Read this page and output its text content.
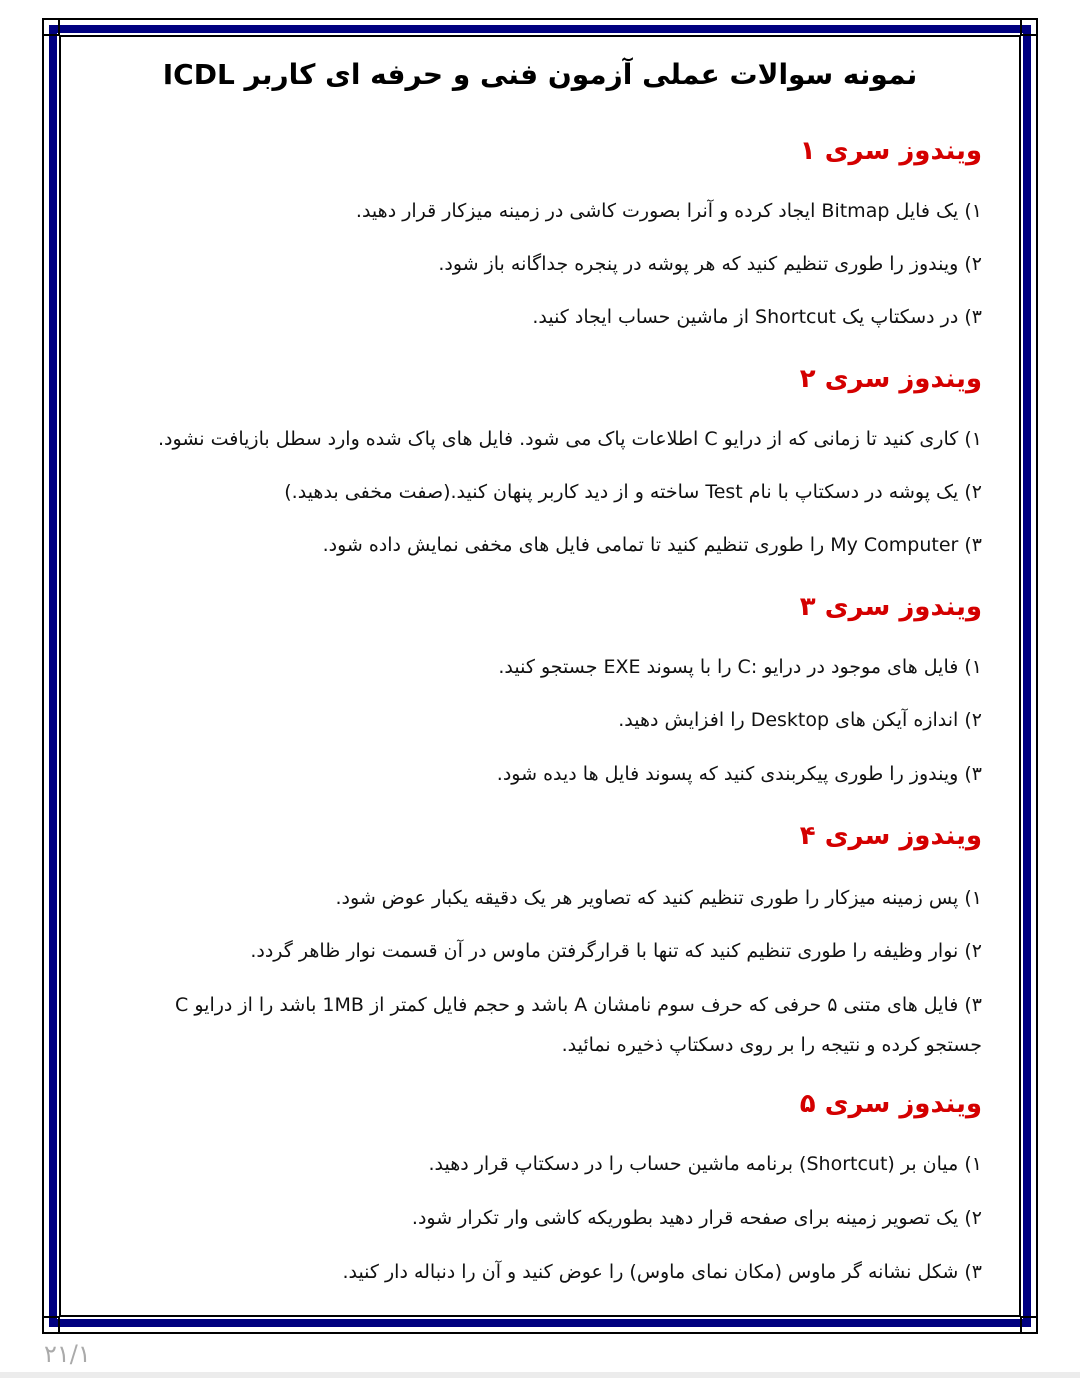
نمونه سوالات عملی آزمون فنی و حرفه ای کاربر ICDL
ویندوز سری ۱
۱) یک فایل Bitmap ایجاد کرده و آنرا بصورت کاشی در زمینه میزکار قرار دهید.
۲) ویندوز را طوری تنظیم کنید که هر پوشه در پنجره جداگانه باز شود.
۳) در دسکتاپ یک Shortcut از ماشین حساب ایجاد کنید.
ویندوز سری ۲
۱) کاری کنید تا زمانی که از درایو C اطلاعات پاک می شود. فایل های پاک شده وارد سطل بازیافت نشود.
۲) یک پوشه در دسکتاپ با نام Test ساخته و از دید کاربر پنهان کنید.(صفت مخفی بدهید.)
۳) My Computer را طوری تنظیم کنید تا تمامی فایل های مخفی نمایش داده شود.
ویندوز سری ۳
۱) فایل های موجود در درایو :C را با پسوند EXE جستجو کنید.
۲) اندازه آیکن های Desktop را افزایش دهید.
۳) ویندوز را طوری پیکربندی کنید که پسوند فایل ها دیده شود.
ویندوز سری ۴
۱) پس زمینه میزکار را طوری تنظیم کنید که تصاویر هر یک دقیقه یکبار عوض شود.
۲) نوار وظیفه را طوری تنظیم کنید که تنها با قرارگرفتن ماوس در آن قسمت نوار ظاهر گردد.
۳) فایل های متنی ۵ حرفی که حرف سوم نامشان A باشد و حجم فایل کمتر از 1MB باشد را از درایو C جستجو کرده و نتیجه را بر روی دسکتاپ ذخیره نمائید.
ویندوز سری ۵
۱) میان بر (Shortcut) برنامه ماشین حساب را در دسکتاپ قرار دهید.
۲) یک تصویر زمینه برای صفحه قرار دهید بطوریکه کاشی وار تکرار شود.
۳) شکل نشانه گر ماوس (مکان نمای ماوس) را عوض کنید و آن را دنباله دار کنید.
۲۱/۱
